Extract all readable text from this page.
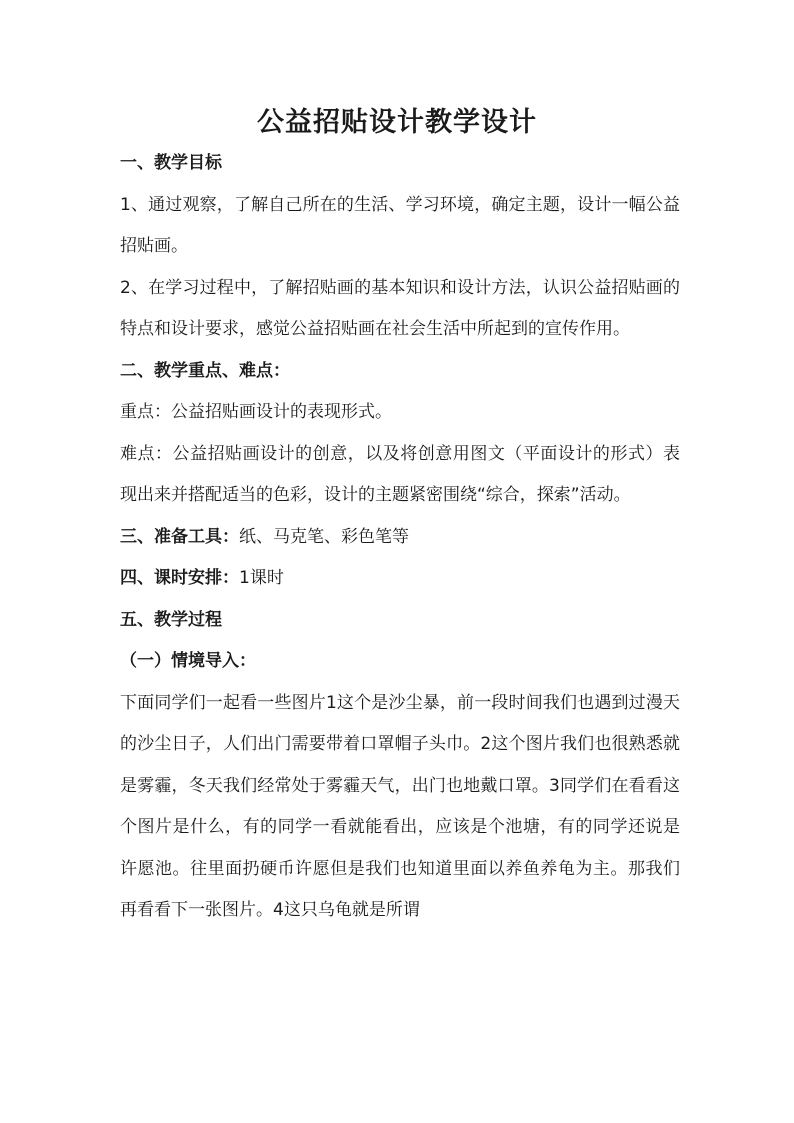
公益招贴设计教学设计

一、教学目标

1、通过观察，了解自己所在的生活、学习环境，确定主题，设计一幅公益招贴画。

2、在学习过程中，了解招贴画的基本知识和设计方法，认识公益招贴画的特点和设计要求，感觉公益招贴画在社会生活中所起到的宣传作用。

二、教学重点、难点：

重点：公益招贴画设计的表现形式。

难点：公益招贴画设计的创意，以及将创意用图文（平面设计的形式）表现出来并搭配适当的色彩，设计的主题紧密围绕“综合，探索”活动。

三、准备工具：纸、马克笔、彩色笔等

四、课时安排：1课时

五、教学过程

（一）情境导入：

下面同学们一起看一些图片1这个是沙尘暴，前一段时间我们也遇到过漫天的沙尘日子，人们出门需要带着口罩帽子头巾。2这个图片我们也很熟悉就是雾霾，冬天我们经常处于雾霾天气，出门也地戴口罩。3同学们在看看这个图片是什么，有的同学一看就能看出，应该是个池塘，有的同学还说是许愿池。往里面扔硬币许愿但是我们也知道里面以养鱼养龟为主。那我们再看看下一张图片。4这只乌龟就是所谓
